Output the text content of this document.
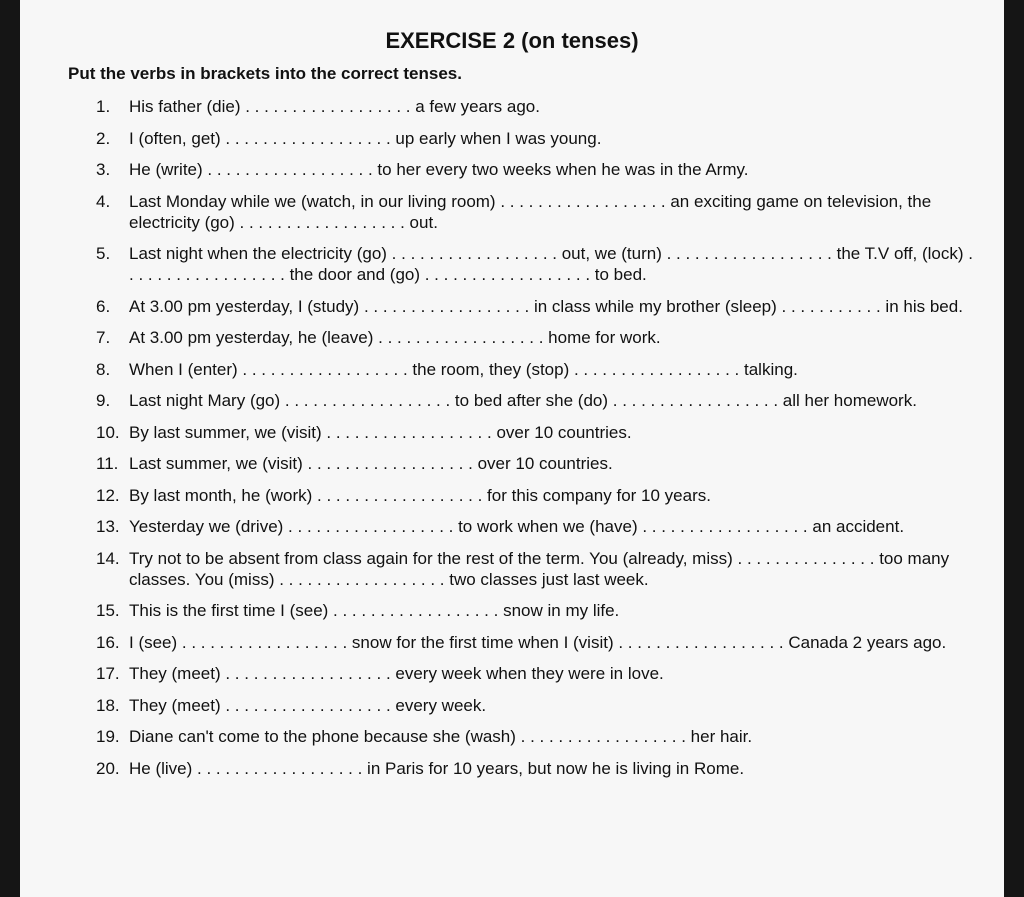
EXERCISE 2 (on tenses)
Put the verbs in brackets into the correct tenses.
1.	His father (die) . . . . . . . . . . . . . . . . . . a few years ago.
2.	I (often, get) . . . . . . . . . . . . . . . . . . up early when I was young.
3.	He (write) . . . . . . . . . . . . . . . . . . to her every two weeks when he was in the Army.
4.	Last Monday while we (watch, in our living room) . . . . . . . . . . . . . . . . . . an exciting game on television, the electricity (go) . . . . . . . . . . . . . . . . . . out.
5.	Last night when the electricity (go) . . . . . . . . . . . . . . . . . . out, we (turn) . . . . . . . . . . . . . . . . . . the T.V off, (lock) . . . . . . . . . . . . . . . . . . the door and (go) . . . . . . . . . . . . . . . . . . to bed.
6.	At 3.00 pm yesterday, I (study) . . . . . . . . . . . . . . . . . . in class while my brother (sleep) . . . . . . . . . . . in his bed.
7.	At 3.00 pm yesterday, he (leave) . . . . . . . . . . . . . . . . . . home for work.
8.	When I (enter) . . . . . . . . . . . . . . . . . . the room, they (stop) . . . . . . . . . . . . . . . . . . talking.
9.	Last night Mary (go) . . . . . . . . . . . . . . . . . . to bed after she (do) . . . . . . . . . . . . . . . . . . all her homework.
10. By last summer, we (visit) . . . . . . . . . . . . . . . . . . over 10 countries.
11. Last summer, we (visit) . . . . . . . . . . . . . . . . . . over 10 countries.
12. By last month, he (work) . . . . . . . . . . . . . . . . . . for this company for 10 years.
13. Yesterday we (drive) . . . . . . . . . . . . . . . . . . to work when we (have) . . . . . . . . . . . . . . . . . . an accident.
14. Try not to be absent from class again for the rest of the term. You (already, miss) . . . . . . . . . . . . . . . too many classes. You (miss) . . . . . . . . . . . . . . . . . . two classes just last week.
15. This is the first time I (see) . . . . . . . . . . . . . . . . . . snow in my life.
16. I (see) . . . . . . . . . . . . . . . . . . snow for the first time when I (visit) . . . . . . . . . . . . . . . . . . Canada 2 years ago.
17. They (meet) . . . . . . . . . . . . . . . . . . every week when they were in love.
18. They (meet) . . . . . . . . . . . . . . . . . . every week.
19. Diane can't come to the phone because she (wash) . . . . . . . . . . . . . . . . . . her hair.
20. He (live) . . . . . . . . . . . . . . . . . . in Paris for 10 years, but now he is living in Rome.
